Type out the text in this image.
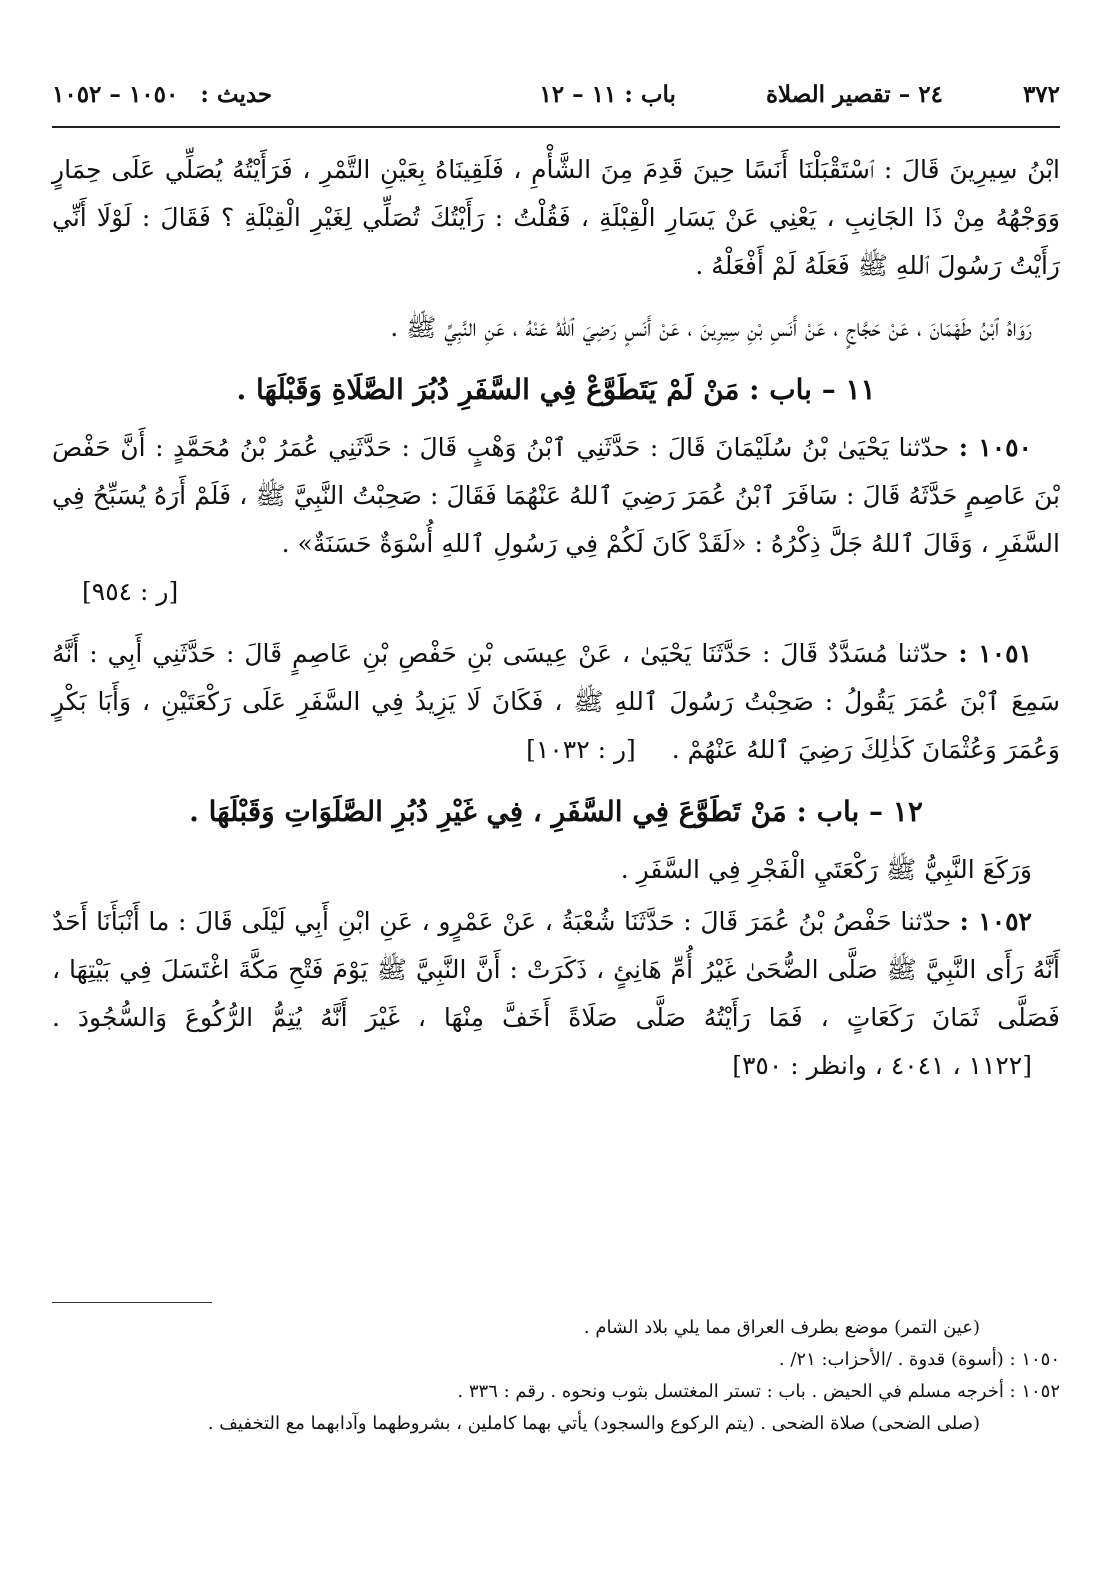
٣٧٢
٢٤ – تقصير الصلاة
باب : ١١ – ١٢
حديث : ١٠٥٠ – ١٠٥٢

ابْنُ سِيرِينَ قَالَ : ٱسْتَقْبَلْنَا أَنَسًا حِينَ قَدِمَ مِنَ الشَّأْمِ ، فَلَقِينَاهُ بِعَيْنِ التَّمْرِ ، فَرَأَيْتُهُ يُصَلِّي عَلَى حِمَارٍ وَوَجْهُهُ مِنْ ذَا الجَانِبِ ، يَعْنِي عَنْ يَسَارِ الْقِبْلَةِ ، فَقُلْتُ : رَأَيْتُكَ تُصَلِّي لِغَيْرِ الْقِبْلَةِ ؟ فَقَالَ : لَوْلَا أَنِّي رَأَيْتُ رَسُولَ ٱللهِ ﷺ فَعَلَهُ لَمْ أَفْعَلْهُ .

رَوَاهُ ٱبْنُ طَهْمَانَ ، عَنْ حَجَّاجٍ ، عَنْ أَنَسِ بْنِ سِيرِينَ ، عَنْ أَنَسٍ رَضِيَ ٱللهُ عَنْهُ ، عَنِ النَّبِيِّ ﷺ .

١١ – باب : مَنْ لَمْ يَتَطَوَّعْ فِي السَّفَرِ دُبُرَ الصَّلَاةِ وَقَبْلَهَا .

١٠٥٠ : حدّثنا يَحْيَىٰ بْنُ سُلَيْمَانَ قَالَ : حَدَّثَنِي ٱبْنُ وَهْبٍ قَالَ : حَدَّثَنِي عُمَرُ بْنُ مُحَمَّدٍ : أَنَّ حَفْصَ بْنَ عَاصِمٍ حَدَّثَهُ قَالَ : سَافَرَ ٱبْنُ عُمَرَ رَضِيَ ٱللهُ عَنْهُمَا فَقَالَ : صَحِبْتُ النَّبِيَّ ﷺ ، فَلَمْ أَرَهُ يُسَبِّحُ فِي السَّفَرِ ، وَقَالَ ٱللهُ جَلَّ ذِكْرُهُ : «لَقَدْ كَانَ لَكُمْ فِي رَسُولِ ٱللهِ أُسْوَةٌ حَسَنَةٌ» .
[ر : ٩٥٤]

١٠٥١ : حدّثنا مُسَدَّدٌ قَالَ : حَدَّثَنَا يَحْيَىٰ ، عَنْ عِيسَى بْنِ حَفْصِ بْنِ عَاصِمٍ قَالَ : حَدَّثَنِي أَبِي : أَنَّهُ سَمِعَ ٱبْنَ عُمَرَ يَقُولُ : صَحِبْتُ رَسُولَ ٱللهِ ﷺ ، فَكَانَ لَا يَزِيدُ فِي السَّفَرِ عَلَى رَكْعَتَيْنِ ، وَأَبَا بَكْرٍ وَعُمَرَ وَعُثْمَانَ كَذٰلِكَ رَضِيَ ٱللهُ عَنْهُمْ . [ر : ١٠٣٢]

١٢ – باب : مَنْ تَطَوَّعَ فِي السَّفَرِ ، فِي غَيْرِ دُبُرِ الصَّلَوَاتِ وَقَبْلَهَا .

وَرَكَعَ النَّبِيُّ ﷺ رَكْعَتَيِ الْفَجْرِ فِي السَّفَرِ .

١٠٥٢ : حدّثنا حَفْصُ بْنُ عُمَرَ قَالَ : حَدَّثَنَا شُعْبَةُ ، عَنْ عَمْرٍو ، عَنِ ابْنِ أَبِي لَيْلَى قَالَ : ما أَنْبَأَنَا أَحَدٌ أَنَّهُ رَأَى النَّبِيَّ ﷺ صَلَّى الضُّحَىٰ غَيْرُ أُمِّ هَانِئٍ ، ذَكَرَتْ : أَنَّ النَّبِيَّ ﷺ يَوْمَ فَتْحِ مَكَّةَ اغْتَسَلَ فِي بَيْتِهَا ، فَصَلَّى ثَمَانَ رَكَعَاتٍ ، فَمَا رَأَيْتُهُ صَلَّى صَلَاةً أَخَفَّ مِنْهَا ، غَيْرَ أَنَّهُ يُتِمُّ الرُّكُوعَ وَالسُّجُودَ . [١١٢٢ ، ٤٠٤١ ، وانظر : ٣٥٠]

(عين التمر) موضع بطرف العراق مما يلي بلاد الشام .

١٠٥٠ : (أسوة) قدوة . /الأحزاب: ٢١/ .

١٠٥٢ : أخرجه مسلم في الحيض . باب : تستر المغتسل بثوب ونحوه . رقم : ٣٣٦ .

(صلى الضحى) صلاة الضحى . (يتم الركوع والسجود) يأتي بهما كاملين ، بشروطهما وآدابهما مع التخفيف .
